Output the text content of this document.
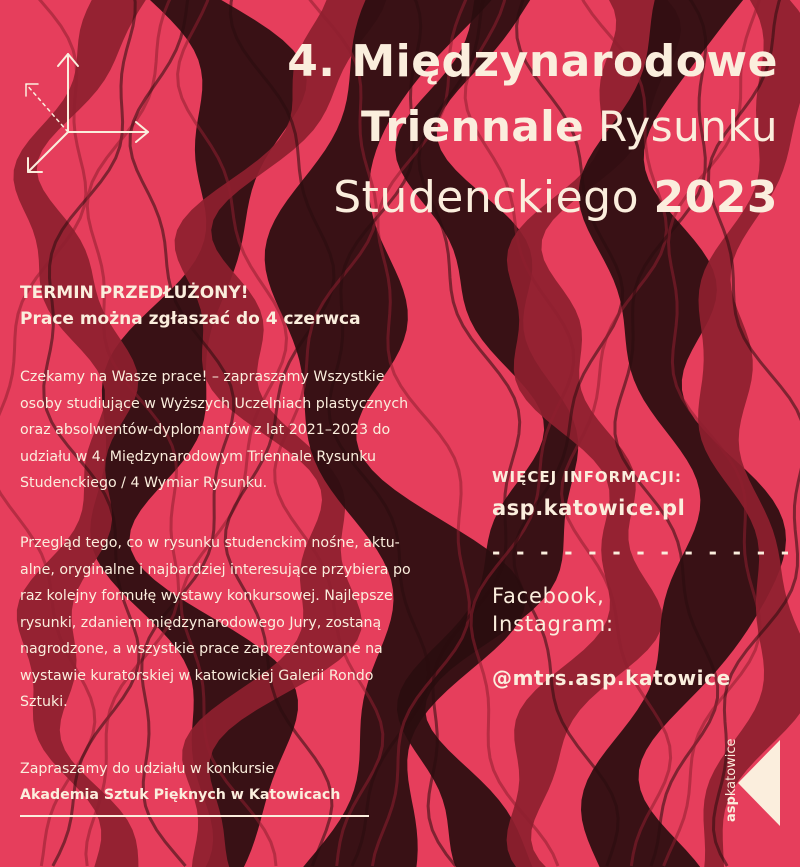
4. Międzynarodowe
Triennale Rysunku
Studenckiego 2023
TERMIN PRZEDŁUŻONY!
Prace można zgłaszać do 4 czerwca
Czekamy na Wasze prace! – zapraszamy Wszystkie
osoby studiujące w Wyższych Uczelniach plastycznych
oraz absolwentów-dyplomantów z lat 2021–2023 do
udziału w 4. Międzynarodowym Triennale Rysunku
Studenckiego / 4 Wymiar Rysunku.
Przegląd tego, co w rysunku studenckim nośne, aktu-
alne, oryginalne i najbardziej interesujące przybiera po
raz kolejny formułę wystawy konkursowej. Najlepsze
rysunki, zdaniem międzynarodowego Jury, zostaną
nagrodzone, a wszystkie prace zaprezentowane na
wystawie kuratorskiej w katowickiej Galerii Rondo
Sztuki.
Zapraszamy do udziału w konkursie
Akademia Sztuk Pięknych w Katowicach
WIĘCEJ INFORMACJI:
asp.katowice.pl
- - - - - - - - - - - - -
Facebook,
Instagram:
@mtrs.asp.katowice
aspkatowice
